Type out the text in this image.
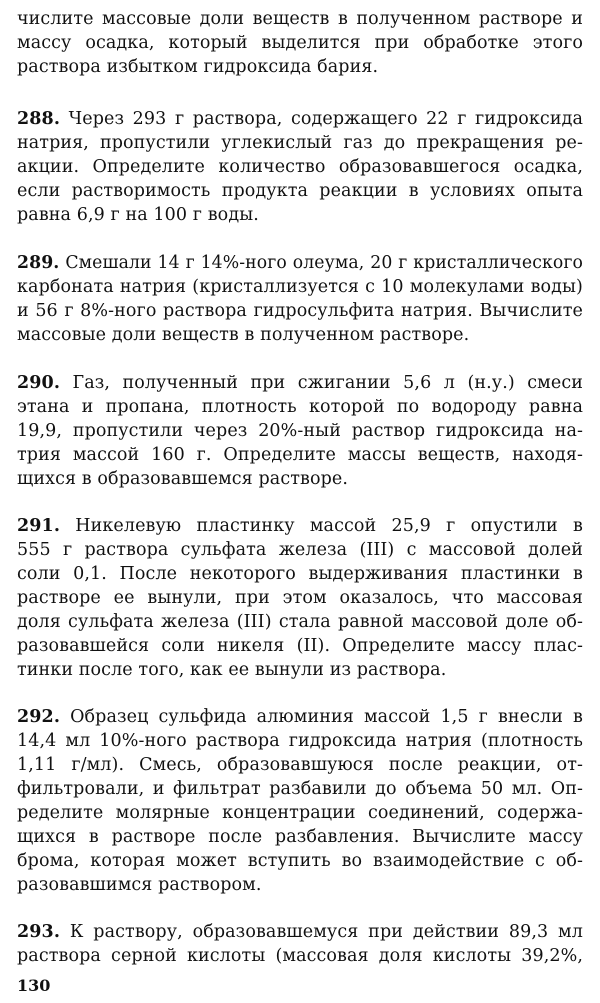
числите массовые доли веществ в полученном растворе и
массу осадка, который выделится при обработке этого
раствора избытком гидроксида бария.
288. Через 293 г раствора, содержащего 22 г гидроксида
натрия, пропустили углекислый газ до прекращения ре-
акции. Определите количество образовавшегося осадка,
если растворимость продукта реакции в условиях опыта
равна 6,9 г на 100 г воды.
289. Смешали 14 г 14%-ного олеума, 20 г кристаллического
карбоната натрия (кристаллизуется с 10 молекулами воды)
и 56 г 8%-ного раствора гидросульфита натрия. Вычислите
массовые доли веществ в полученном растворе.
290. Газ, полученный при сжигании 5,6 л (н.у.) смеси
этана и пропана, плотность которой по водороду равна
19,9, пропустили через 20%-ный раствор гидроксида на-
трия массой 160 г. Определите массы веществ, находя-
щихся в образовавшемся растворе.
291. Никелевую пластинку массой 25,9 г опустили в
555 г раствора сульфата железа (III) с массовой долей
соли 0,1. После некоторого выдерживания пластинки в
растворе ее вынули, при этом оказалось, что массовая
доля сульфата железа (III) стала равной массовой доле об-
разовавшейся соли никеля (II). Определите массу плас-
тинки после того, как ее вынули из раствора.
292. Образец сульфида алюминия массой 1,5 г внесли в
14,4 мл 10%-ного раствора гидроксида натрия (плотность
1,11 г/мл). Смесь, образовавшуюся после реакции, от-
фильтровали, и фильтрат разбавили до объема 50 мл. Оп-
ределите молярные концентрации соединений, содержа-
щихся в растворе после разбавления. Вычислите массу
брома, которая может вступить во взаимодействие с об-
разовавшимся раствором.
293. К раствору, образовавшемуся при действии 89,3 мл
раствора серной кислоты (массовая доля кислоты 39,2%,
130
